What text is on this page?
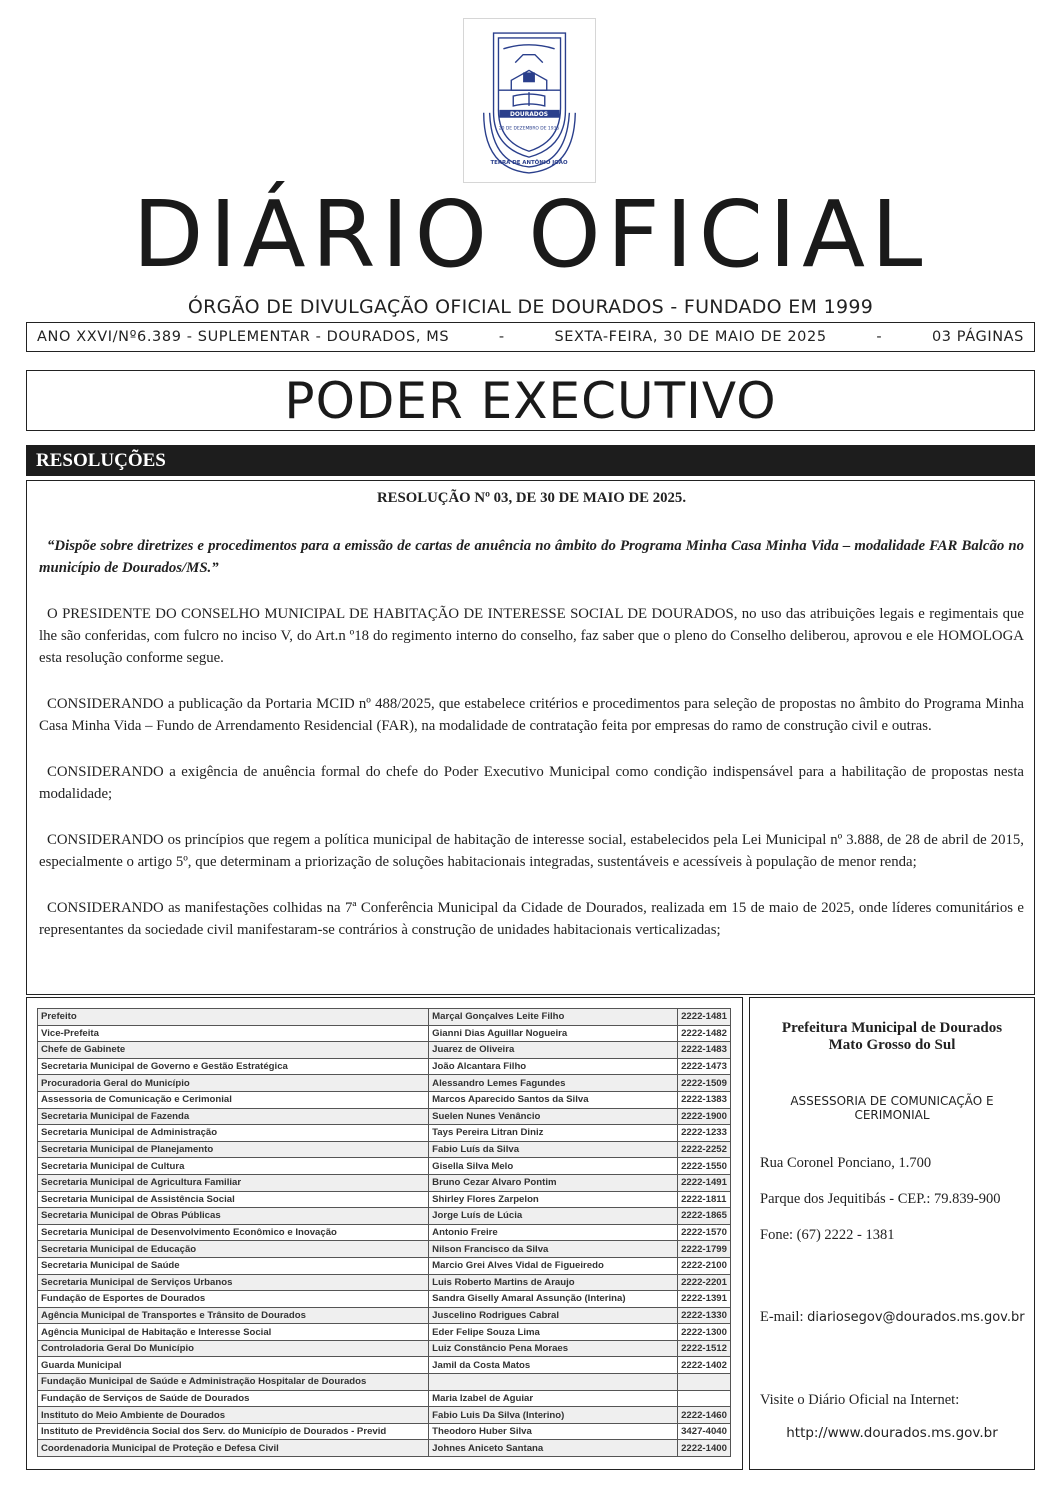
DOURADOS
20 DE DEZEMBRO DE 1935
TERRA DE ANTÔNIO JOÃO
DIÁRIO OFICIAL
ÓRGÃO DE DIVULGAÇÃO OFICIAL DE DOURADOS - FUNDADO EM 1999
ANO XXVI/Nº6.389 - SUPLEMENTAR - DOURADOS, MS	-	SEXTA-FEIRA, 30 DE MAIO DE 2025	-	03 PÁGINAS
PODER EXECUTIVO
RESOLUÇÕES
RESOLUÇÃO Nº 03, DE 30 DE MAIO DE 2025.

“Dispõe sobre diretrizes e procedimentos para a emissão de cartas de anuência no âmbito do Programa Minha Casa Minha Vida – modalidade FAR Balcão no município de Dourados/MS.”

O PRESIDENTE DO CONSELHO MUNICIPAL DE HABITAÇÃO DE INTERESSE SOCIAL DE DOURADOS, no uso das atribuições legais e regimentais que lhe são conferidas, com fulcro no inciso V, do Art.n º18 do regimento interno do conselho, faz saber que o pleno do Conselho deliberou, aprovou e ele HOMOLOGA esta resolução conforme segue.

CONSIDERANDO a publicação da Portaria MCID nº 488/2025, que estabelece critérios e procedimentos para seleção de propostas no âmbito do Programa Minha Casa Minha Vida – Fundo de Arrendamento Residencial (FAR), na modalidade de contratação feita por empresas do ramo de construção civil e outras.

CONSIDERANDO a exigência de anuência formal do chefe do Poder Executivo Municipal como condição indispensável para a habilitação de propostas nesta modalidade;

CONSIDERANDO os princípios que regem a política municipal de habitação de interesse social, estabelecidos pela Lei Municipal nº 3.888, de 28 de abril de 2015, especialmente o artigo 5º, que determinam a priorização de soluções habitacionais integradas, sustentáveis e acessíveis à população de menor renda;

CONSIDERANDO as manifestações colhidas na 7ª Conferência Municipal da Cidade de Dourados, realizada em 15 de maio de 2025, onde líderes comunitários e representantes da sociedade civil manifestaram-se contrários à construção de unidades habitacionais verticalizadas;

Prefeito	Marçal Gonçalves Leite Filho	2222-1481
Vice-Prefeita	Gianni Dias Aguillar Nogueira	2222-1482
Chefe de Gabinete	Juarez de Oliveira	2222-1483
Secretaria Municipal de Governo e Gestão Estratégica	João Alcantara Filho	2222-1473
Procuradoria Geral do Município	Alessandro Lemes Fagundes	2222-1509
Assessoria de Comunicação e Cerimonial	Marcos Aparecido Santos da Silva	2222-1383
Secretaria Municipal de Fazenda	Suelen Nunes Venâncio	2222-1900
Secretaria Municipal de Administração	Tays Pereira Litran Diniz	2222-1233
Secretaria Municipal de Planejamento	Fabio Luís da Silva	2222-2252
Secretaria Municipal de Cultura	Gisella Silva Melo	2222-1550
Secretaria Municipal de Agricultura Familiar	Bruno Cezar Alvaro Pontim	2222-1491
Secretaria Municipal de Assistência Social	Shirley Flores Zarpelon	2222-1811
Secretaria Municipal de Obras Públicas	Jorge Luís de Lúcia	2222-1865
Secretaria Municipal de Desenvolvimento Econômico e Inovação	Antonio Freire	2222-1570
Secretaria Municipal de Educação	Nilson Francisco da Silva	2222-1799
Secretaria Municipal de Saúde	Marcio Grei Alves Vidal de Figueiredo	2222-2100
Secretaria Municipal de Serviços Urbanos	Luis Roberto Martins de Araujo	2222-2201
Fundação de Esportes de Dourados	Sandra Giselly Amaral Assunção (Interina)	2222-1391
Agência Municipal de Transportes e Trânsito de Dourados	Juscelino Rodrigues Cabral	2222-1330
Agência Municipal de Habitação e Interesse Social	Eder Felipe Souza Lima	2222-1300
Controladoria Geral Do Município	Luiz Constâncio Pena Moraes	2222-1512
Guarda Municipal	Jamil da Costa Matos	2222-1402
Fundação Municipal de Saúde e Administração Hospitalar de Dourados		
Fundação de Serviços de Saúde de Dourados	Maria Izabel de Aguiar	
Instituto do Meio Ambiente de Dourados	Fabio Luis Da Silva (Interino)	2222-1460
Instituto de Previdência Social dos Serv. do Município de Dourados - Previd	Theodoro Huber Silva	3427-4040
Coordenadoria Municipal de Proteção e Defesa Civil	Johnes Aniceto Santana	2222-1400
Prefeitura Municipal de Dourados
Mato Grosso do Sul
ASSESSORIA DE COMUNICAÇÃO E
CERIMONIAL
Rua Coronel Ponciano, 1.700
Parque dos Jequitibás - CEP.: 79.839-900
Fone: (67) 2222 - 1381
E-mail: diariosegov@dourados.ms.gov.br
Visite o Diário Oficial na Internet:
http://www.dourados.ms.gov.br
